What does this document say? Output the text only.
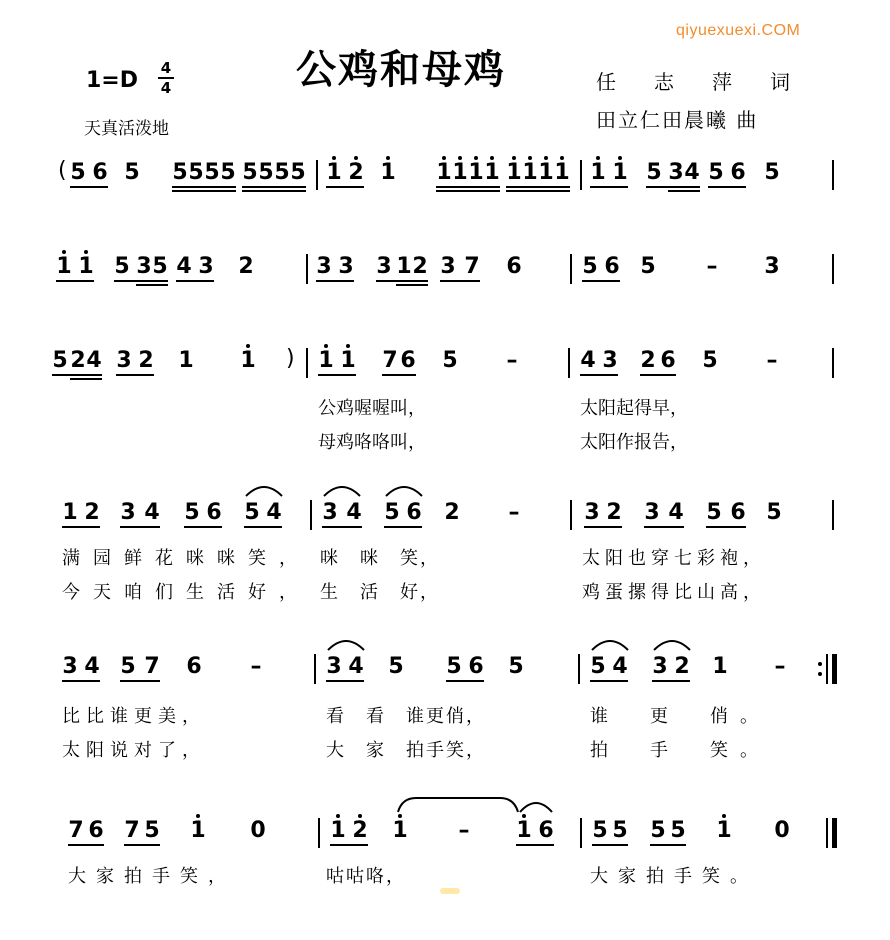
qiyuexuexi.COM
公鸡和母鸡
1=D 4
4
天真活泼地
任志萍词
田立仁田晨曦 曲
( 5 6 5 5 5 5 5 5 5 5 5 1 2 1 1 1 1 1 1 1 1 1 1 1 5 3 4 5 6 5
1 1 5 3 5 4 3 2	3 3 3 1 2 3 7 6	5 6 5 – 3
5 2 4 3 2 1 1 ) 1 1 7 6 5 –	4 3 2 6 5 –
公鸡喔喔叫，	太阳起得早，
母鸡咯咯叫，	太阳作报告，
1 2 3 4 5 6 5 4 3 4 5 6 2 –	3 2 3 4 5 6 5
满园鲜花咪咪笑， 咪　咪　笑，	太阳也穿七彩袍，
今天咱们生活好， 生　活　好，	鸡蛋摞得比山高，
3 4 5 7 6 –	3 4 5 5 6 5	5 4 3 2 1 –
比比谁更美，	看　看　谁更俏，	谁　更　俏。
太阳说对了，	大　家　拍手笑，	拍　手　笑。
7 6 7 5 1 0	1 2 1 – 1 6 5 5 5 5 1 0
大家拍手笑，	咕咕咯，	大家拍手笑。
